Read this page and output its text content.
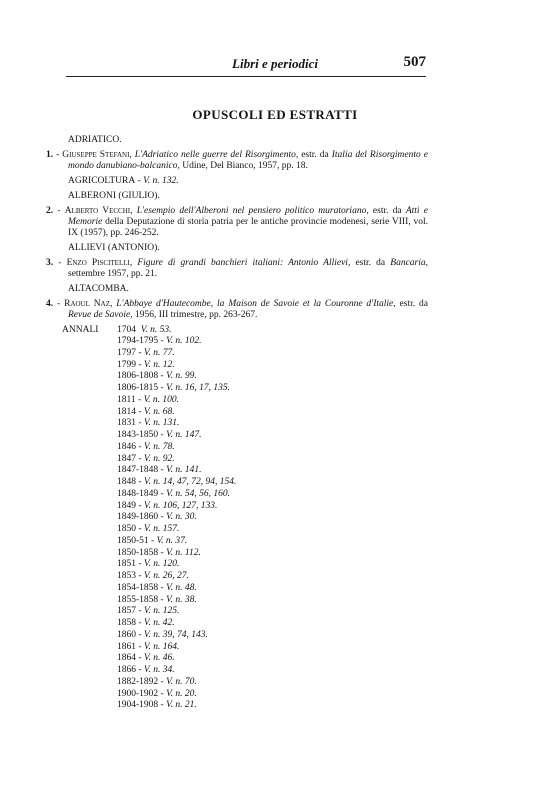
Libri e periodici	507
OPUSCOLI ED ESTRATTI
ADRIATICO.
1. - Giuseppe Stefani, L'Adriatico nelle guerre del Risorgimento, estr. da Italia del Risorgimento e mondo danubiano-balcanico, Udine, Del Bianco, 1957, pp. 18.
AGRICOLTURA - V. n. 132.
ALBERONI (GIULIO).
2. - Alberto Vecchi, L'esempio dell'Alberoni nel pensiero politico muratoriano, estr. da Atti e Memorie della Deputazione di storia patria per le antiche provincie modenesi, serie VIII, vol. IX (1957), pp. 246-252.
ALLIEVI (ANTONIO).
3. - Enzo Piscitelli, Figure di grandi banchieri italiani: Antonio Allievi, estr. da Bancaria, settembre 1957, pp. 21.
ALTACOMBA.
4. - Raoul Naz, L'Abbaye d'Hautecombe, la Maison de Savoie et la Couronne d'Italie, estr. da Revue de Savoie, 1956, III trimestre, pp. 263-267.
ANNALI 1704 V. n. 53.
1794-1795 - V. n. 102.
1797 - V. n. 77.
1799 - V. n. 12.
1806-1808 - V. n. 99.
1806-1815 - V. n. 16, 17, 135.
1811 - V. n. 100.
1814 - V. n. 68.
1831 - V. n. 131.
1843-1850 - V. n. 147.
1846 - V. n. 78.
1847 - V. n. 92.
1847-1848 - V. n. 141.
1848 - V. n. 14, 47, 72, 94, 154.
1848-1849 - V. n. 54, 56, 160.
1849 - V. n. 106, 127, 133.
1849-1860 - V. n. 30.
1850 - V. n. 157.
1850-51 - V. n. 37.
1850-1858 - V. n. 112.
1851 - V. n. 120.
1853 - V. n. 26, 27.
1854-1858 - V. n. 48.
1855-1858 - V. n. 38.
1857 - V. n. 125.
1858 - V. n. 42.
1860 - V. n. 39, 74, 143.
1861 - V. n. 164.
1864 - V. n. 46.
1866 - V. n. 34.
1882-1892 - V. n. 70.
1900-1902 - V. n. 20.
1904-1908 - V. n. 21.
